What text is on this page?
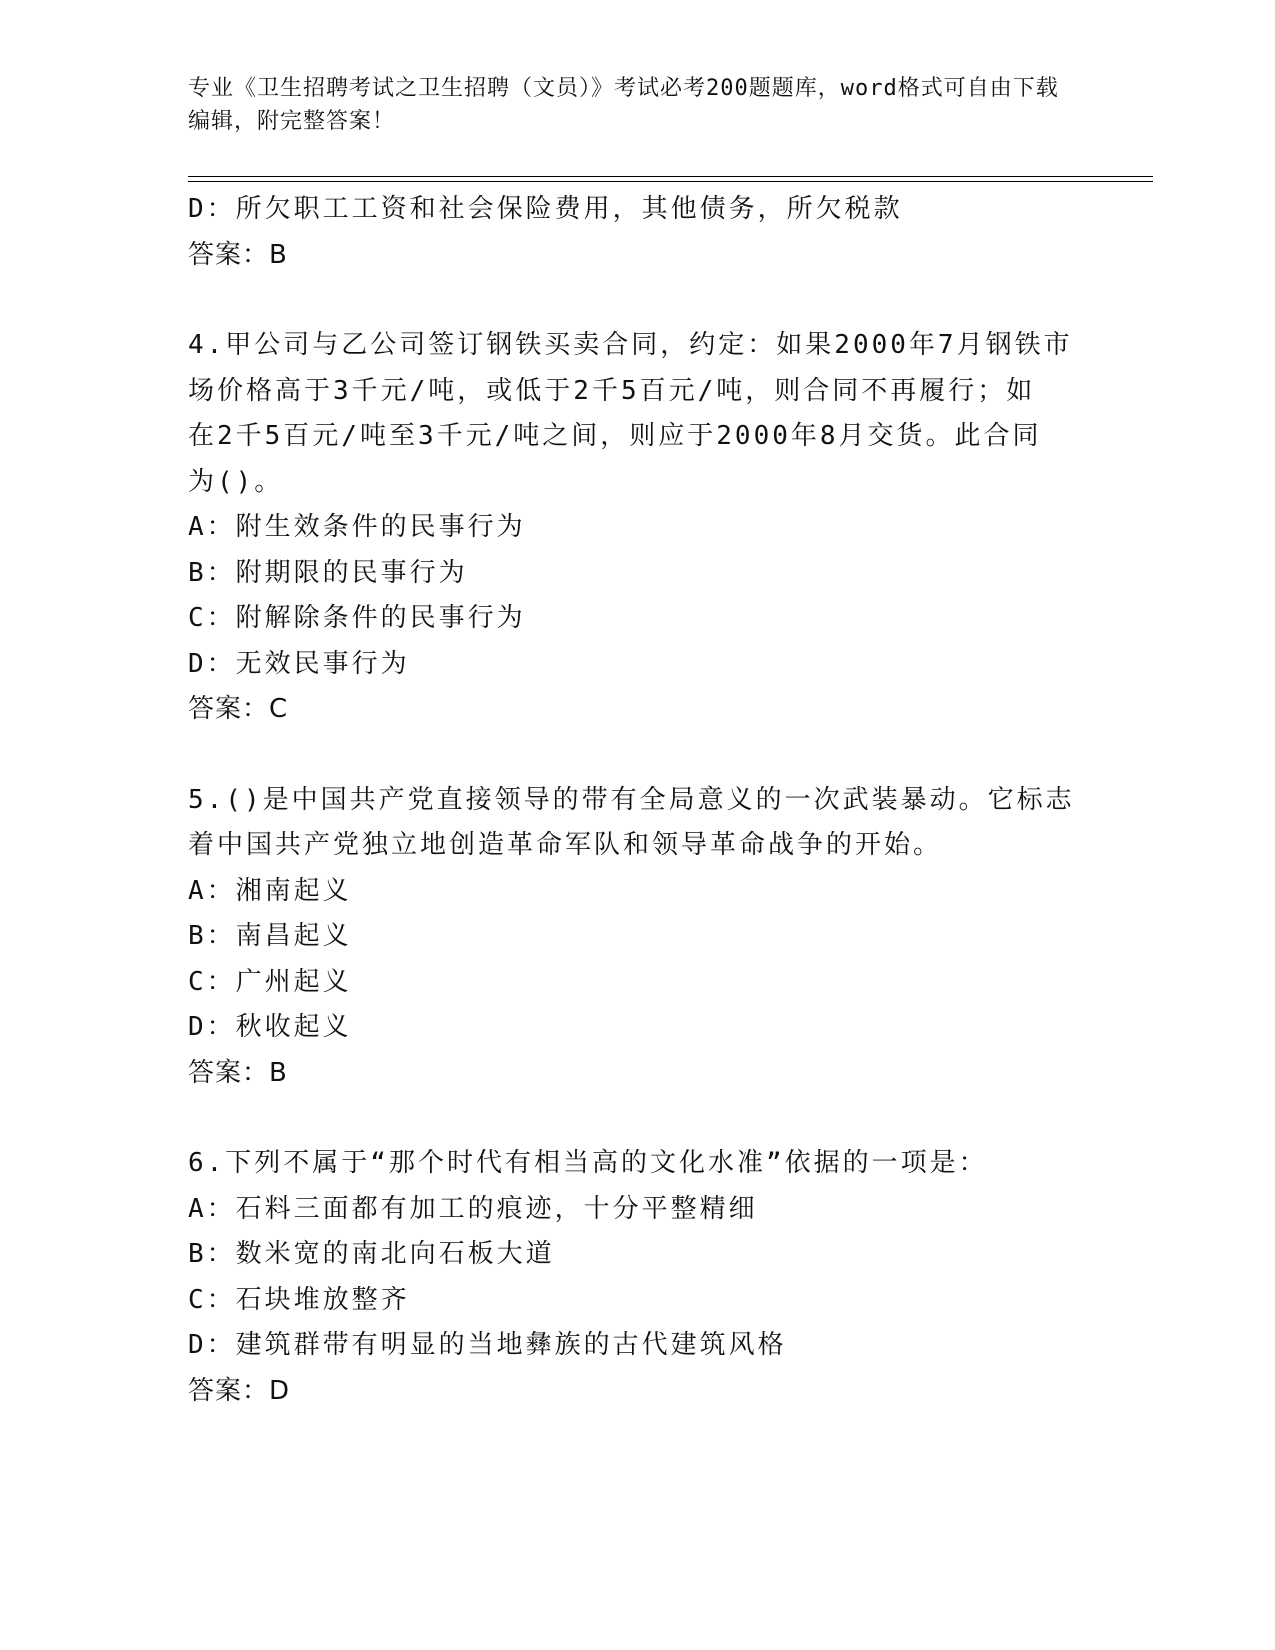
专业《卫生招聘考试之卫生招聘（文员）》考试必考200题题库，word格式可自由下载编辑，附完整答案！
D：所欠职工工资和社会保险费用，其他债务，所欠税款
答案：B
4.甲公司与乙公司签订钢铁买卖合同，约定：如果2000年7月钢铁市
场价格高于3千元/吨，或低于2千5百元/吨，则合同不再履行；如
在2千5百元/吨至3千元/吨之间，则应于2000年8月交货。此合同
为()。
A：附生效条件的民事行为
B：附期限的民事行为
C：附解除条件的民事行为
D：无效民事行为
答案：C
5.()是中国共产党直接领导的带有全局意义的一次武装暴动。它标志
着中国共产党独立地创造革命军队和领导革命战争的开始。
A：湘南起义
B：南昌起义
C：广州起义
D：秋收起义
答案：B
6.下列不属于“那个时代有相当高的文化水准”依据的一项是：
A：石料三面都有加工的痕迹，十分平整精细
B：数米宽的南北向石板大道
C：石块堆放整齐
D：建筑群带有明显的当地彝族的古代建筑风格
答案：D
